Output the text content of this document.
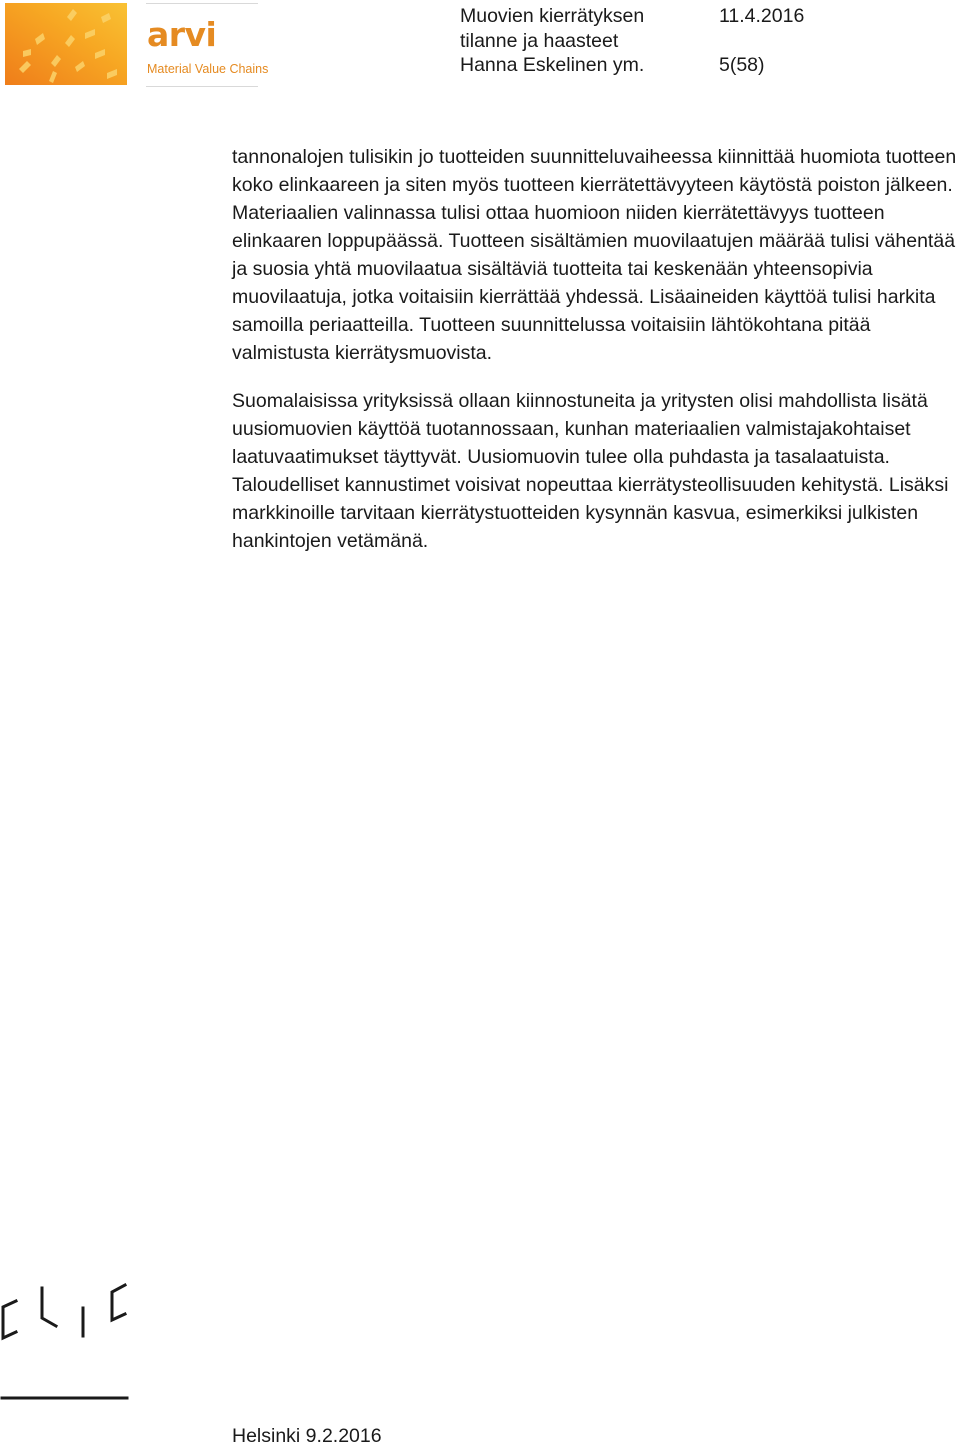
arvi
Material Value Chains
Muovien kierrätyksen	11.4.2016
tilanne ja haasteet
Hanna Eskelinen ym.	5(58)

tannonalojen tulisikin jo tuotteiden suunnitteluvaiheessa kiinnittää huomiota tuotteen koko elinkaareen ja siten myös tuotteen kierrätettävyyteen käytöstä poiston jälkeen. Materiaalien valinnassa tulisi ottaa huomioon niiden kierrätettävyys tuotteen elinkaaren loppupäässä. Tuotteen sisältämien muovilaatujen määrää tulisi vähentää ja suosia yhtä muovilaatua sisältäviä tuotteita tai keskenään yhteensopivia muovilaatuja, jotka voitaisiin kierrättää yhdessä. Lisäaineiden käyttöä tulisi harkita samoilla periaatteilla. Tuotteen suunnittelussa voitaisiin lähtökohtana pitää valmistusta kierrätysmuovista.

Suomalaisissa yrityksissä ollaan kiinnostuneita ja yritysten olisi mahdollista lisätä uusiomuovien käyttöä tuotannossaan, kunhan materiaalien valmistajakohtaiset laatuvaatimukset täyttyvät. Uusiomuovin tulee olla puhdasta ja tasalaatuista. Taloudelliset kannustimet voisivat nopeuttaa kierrätysteollisuuden kehitystä. Lisäksi markkinoille tarvitaan kierrätystuotteiden kysynnän kasvua, esimerkiksi julkisten hankintojen vetämänä.

Helsinki 9.2.2016
